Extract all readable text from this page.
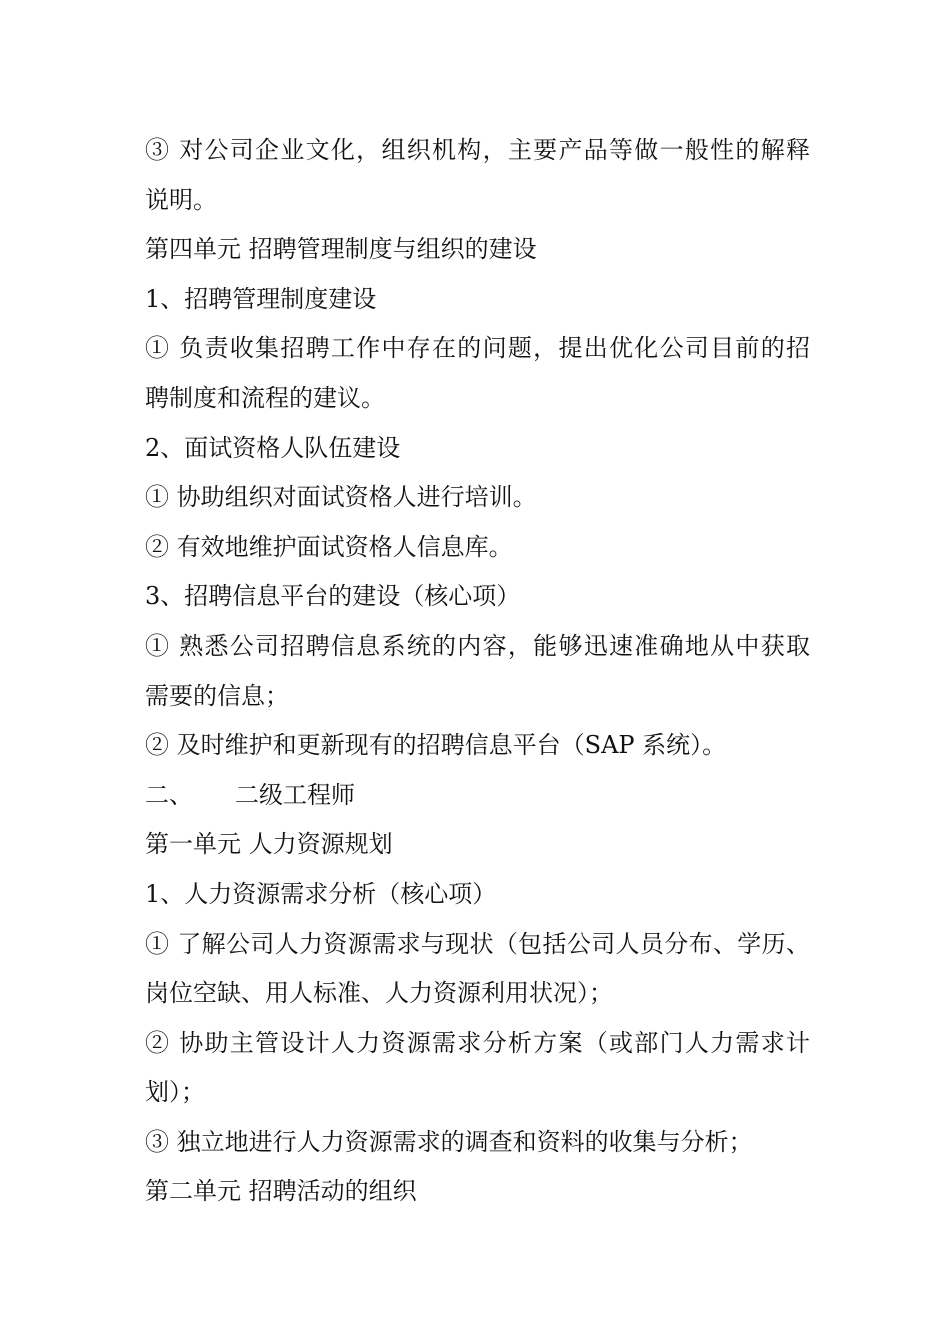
③ 对公司企业文化，组织机构，主要产品等做一般性的解释
说明。
第四单元 招聘管理制度与组织的建设
1、招聘管理制度建设
① 负责收集招聘工作中存在的问题，提出优化公司目前的招
聘制度和流程的建议。
2、面试资格人队伍建设
① 协助组织对面试资格人进行培训。
② 有效地维护面试资格人信息库。
3、招聘信息平台的建设（核心项）
① 熟悉公司招聘信息系统的内容，能够迅速准确地从中获取
需要的信息；
② 及时维护和更新现有的招聘信息平台（SAP 系统）。
二、 二级工程师
第一单元 人力资源规划
1、人力资源需求分析（核心项）
① 了解公司人力资源需求与现状（包括公司人员分布、学历、
岗位空缺、用人标准、人力资源利用状况）；
② 协助主管设计人力资源需求分析方案（或部门人力需求计
划）；
③ 独立地进行人力资源需求的调查和资料的收集与分析；
第二单元 招聘活动的组织
